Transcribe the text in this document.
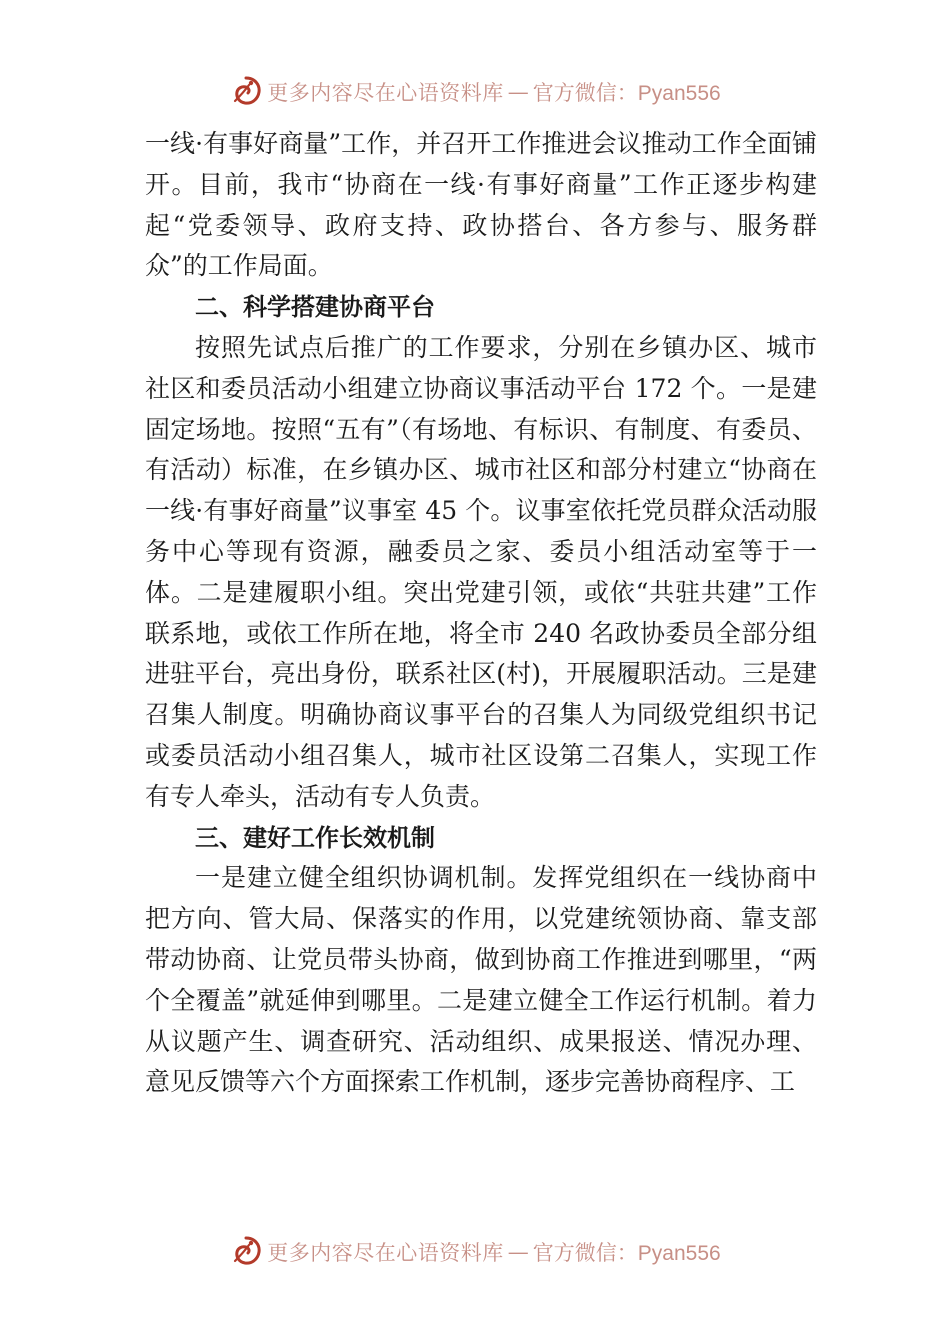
更多内容尽在心语资料库 — 官方微信：Pyan556

一线·有事好商量”工作，并召开工作推进会议推动工作全面铺开。目前，我市“协商在一线·有事好商量”工作正逐步构建起“党委领导、政府支持、政协搭台、各方参与、服务群众”的工作局面。

二、科学搭建协商平台

按照先试点后推广的工作要求，分别在乡镇办区、城市社区和委员活动小组建立协商议事活动平台 172 个。一是建固定场地。按照“五有”（有场地、有标识、有制度、有委员、有活动）标准，在乡镇办区、城市社区和部分村建立“协商在一线·有事好商量”议事室 45 个。议事室依托党员群众活动服务中心等现有资源，融委员之家、委员小组活动室等于一体。二是建履职小组。突出党建引领，或依“共驻共建”工作联系地，或依工作所在地，将全市 240 名政协委员全部分组进驻平台，亮出身份，联系社区(村)，开展履职活动。三是建召集人制度。明确协商议事平台的召集人为同级党组织书记或委员活动小组召集人，城市社区设第二召集人，实现工作有专人牵头，活动有专人负责。

三、建好工作长效机制

一是建立健全组织协调机制。发挥党组织在一线协商中把方向、管大局、保落实的作用，以党建统领协商、靠支部带动协商、让党员带头协商，做到协商工作推进到哪里，“两个全覆盖”就延伸到哪里。二是建立健全工作运行机制。着力从议题产生、调查研究、活动组织、成果报送、情况办理、意见反馈等六个方面探索工作机制，逐步完善协商程序、工

更多内容尽在心语资料库 — 官方微信：Pyan556
